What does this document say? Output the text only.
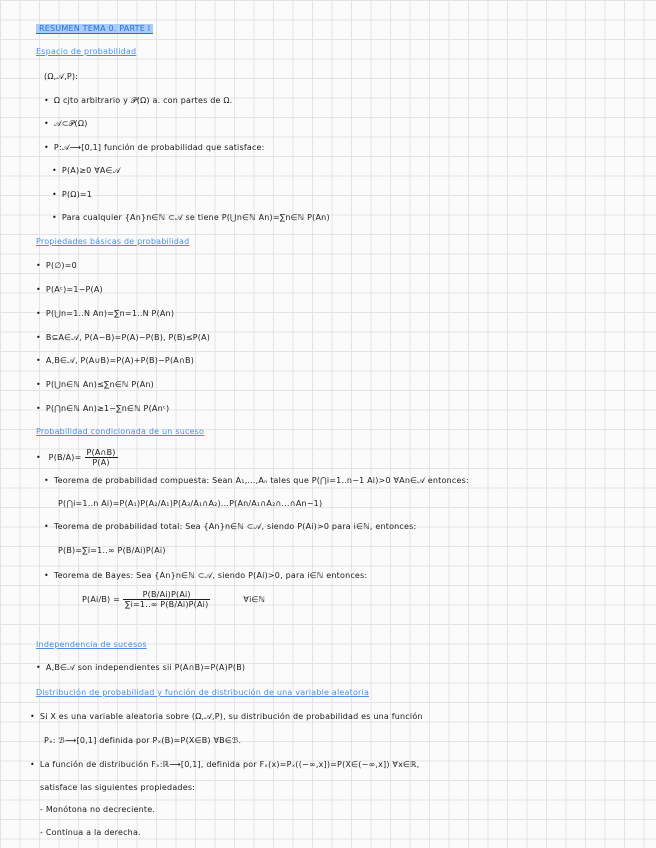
RESUMEN TEMA 0. PARTE I
Espacio de probabilidad
(Ω,𝒜,P):
• Ω cjto arbitrario y 𝒫(Ω) a. con partes de Ω.
• 𝒜⊂𝒫(Ω)
• P:𝒜⟶[0,1] función de probabilidad que satisface:
• P(A)≥0 ∀A∈𝒜
• P(Ω)=1
• Para cualquier {An}n∈ℕ ⊂𝒜 se tiene P(⋃n∈ℕ An)=∑n∈ℕ P(An)
Propiedades básicas de probabilidad
• P(∅)=0
• P(Aᶜ)=1−P(A)
• P(⋃n=1..N An)=∑n=1..N P(An)
• B⊆A∈𝒜, P(A−B)=P(A)−P(B), P(B)≤P(A)
• A,B∈𝒜, P(A∪B)=P(A)+P(B)−P(A∩B)
• P(⋃n∈ℕ An)≤∑n∈ℕ P(An)
• P(⋂n∈ℕ An)≥1−∑n∈ℕ P(Anᶜ)
Probabilidad condicionada de un suceso
• $P(B/A)= \frac{P(A\cap B)}{P(A)}$
• Teorema de probabilidad compuesta: Sean A₁,...,Aₙ tales que P(⋂i=1..n−1 Ai)>0 ∀An∈𝒜 entonces:
P(⋂i=1..n Ai)=P(A₁)P(A₂/A₁)P(A₃/A₁∩A₂)...P(An/A₁∩A₂∩...∩An−1)
• Teorema de probabilidad total: Sea {An}n∈ℕ ⊂𝒜, siendo P(Ai)>0 para i∈ℕ, entonces:
P(B)=∑i=1..∞ P(B/Ai)P(Ai)
• Teorema de Bayes: Sea {An}n∈ℕ ⊂𝒜, siendo P(Ai)>0, para i∈ℕ entonces:
$P(Ai/B) = \frac{P(B/Ai)P(Ai)}{\sum i=1..\infty P(B/Ai)P(Ai)}$	∀i∈ℕ
Independencia de sucesos
• A,B∈𝒜 son independientes sii P(A∩B)=P(A)P(B)
Distribución de probabilidad y función de distribución de una variable aleatoria
• Si X es una variable aleatoria sobre (Ω,𝒜,P), su distribución de probabilidad es una función
Pₓ: ℬ⟶[0,1] definida por Pₓ(B)=P(X∈B) ∀B∈ℬ.
• La función de distribución Fₓ:ℝ⟶[0,1], definida por Fₓ(x)=Pₓ((−∞,x])=P(X∈(−∞,x]) ∀x∈ℝ,
satisface las siguientes propiedades:
- Monótona no decreciente.
- Continua a la derecha.
